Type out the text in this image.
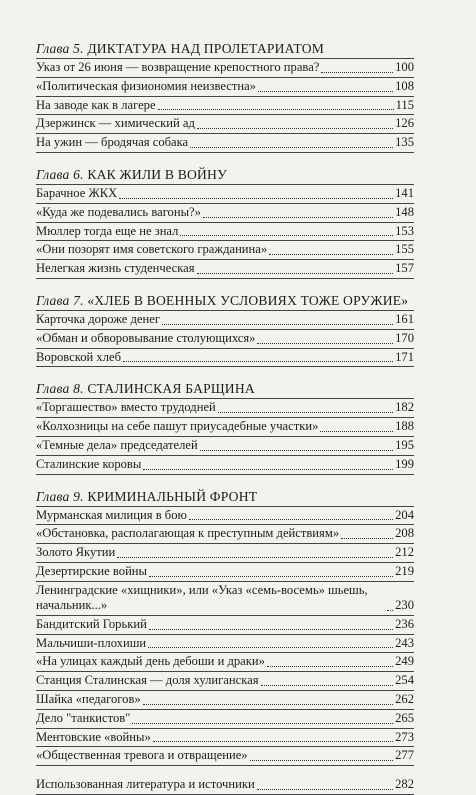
Глава 5. ДИКТАТУРА НАД ПРОЛЕТАРИАТОМ
Указ от 26 июня — возвращение крепостного права?	100
«Политическая физиономия неизвестна»	108
На заводе как в лагере	115
Дзержинск — химический ад	126
На ужин — бродячая собака	135
Глава 6. КАК ЖИЛИ В ВОЙНУ
Барачное ЖКХ	141
«Куда же подевались вагоны?»	148
Мюллер тогда еще не знал	153
«Они позорят имя советского гражданина»	155
Нелегкая жизнь студенческая	157
Глава 7. «ХЛЕБ В ВОЕННЫХ УСЛОВИЯХ ТОЖЕ ОРУЖИЕ»
Карточка дороже денег	161
«Обман и обворовывание столующихся»	170
Воровской хлеб	171
Глава 8. СТАЛИНСКАЯ БАРЩИНА
«Торгашество» вместо трудодней	182
«Колхозницы на себе пашут приусадебные участки»	188
«Темные дела» председателей	195
Сталинские коровы	199
Глава 9. КРИМИНАЛЬНЫЙ ФРОНТ
Мурманская милиция в бою	204
«Обстановка, располагающая к преступным действиям»	208
Золото Якутии	212
Дезертирские войны	219
Ленинградские «хищники», или «Указ «семь-восемь» шьешь, начальник...»	230
Бандитский Горький	236
Мальчиши-плохиши	243
«На улицах каждый день дебоши и драки»	249
Станция Сталинская — доля хулиганская	254
Шайка «педагогов»	262
Дело "танкистов"	265
Ментовские «войны»	273
«Общественная тревога и отвращение»	277
Использованная литература и источники	282
